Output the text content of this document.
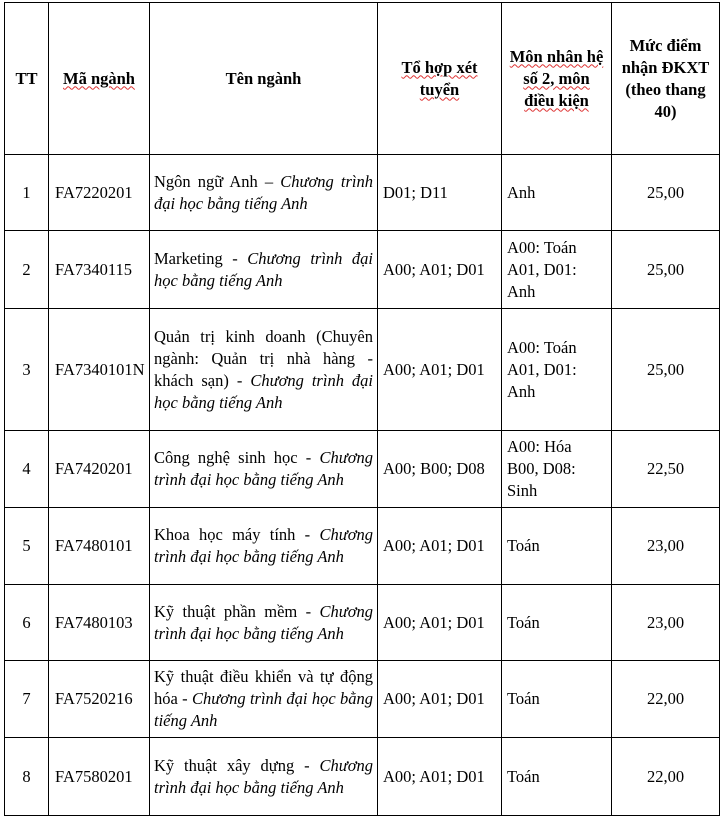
TT	Mã ngành	Tên ngành	Tổ hợp xét tuyển	Môn nhân hệ số 2, môn điều kiện	Mức điểm nhận ĐKXT (theo thang 40)
1	FA7220201	Ngôn ngữ Anh – Chương trình đại học bằng tiếng Anh	D01; D11	Anh	25,00
2	FA7340115	Marketing - Chương trình đại học bằng tiếng Anh	A00; A01; D01	A00: Toán A01, D01: Anh	25,00
3	FA7340101N	Quản trị kinh doanh (Chuyên ngành: Quản trị nhà hàng - khách sạn) - Chương trình đại học bằng tiếng Anh	A00; A01; D01	A00: Toán A01, D01: Anh	25,00
4	FA7420201	Công nghệ sinh học - Chương trình đại học bằng tiếng Anh	A00; B00; D08	A00: Hóa B00, D08: Sinh	22,50
5	FA7480101	Khoa học máy tính - Chương trình đại học bằng tiếng Anh	A00; A01; D01	Toán	23,00
6	FA7480103	Kỹ thuật phần mềm - Chương trình đại học bằng tiếng Anh	A00; A01; D01	Toán	23,00
7	FA7520216	Kỹ thuật điều khiển và tự động hóa - Chương trình đại học bằng tiếng Anh	A00; A01; D01	Toán	22,00
8	FA7580201	Kỹ thuật xây dựng - Chương trình đại học bằng tiếng Anh	A00; A01; D01	Toán	22,00
